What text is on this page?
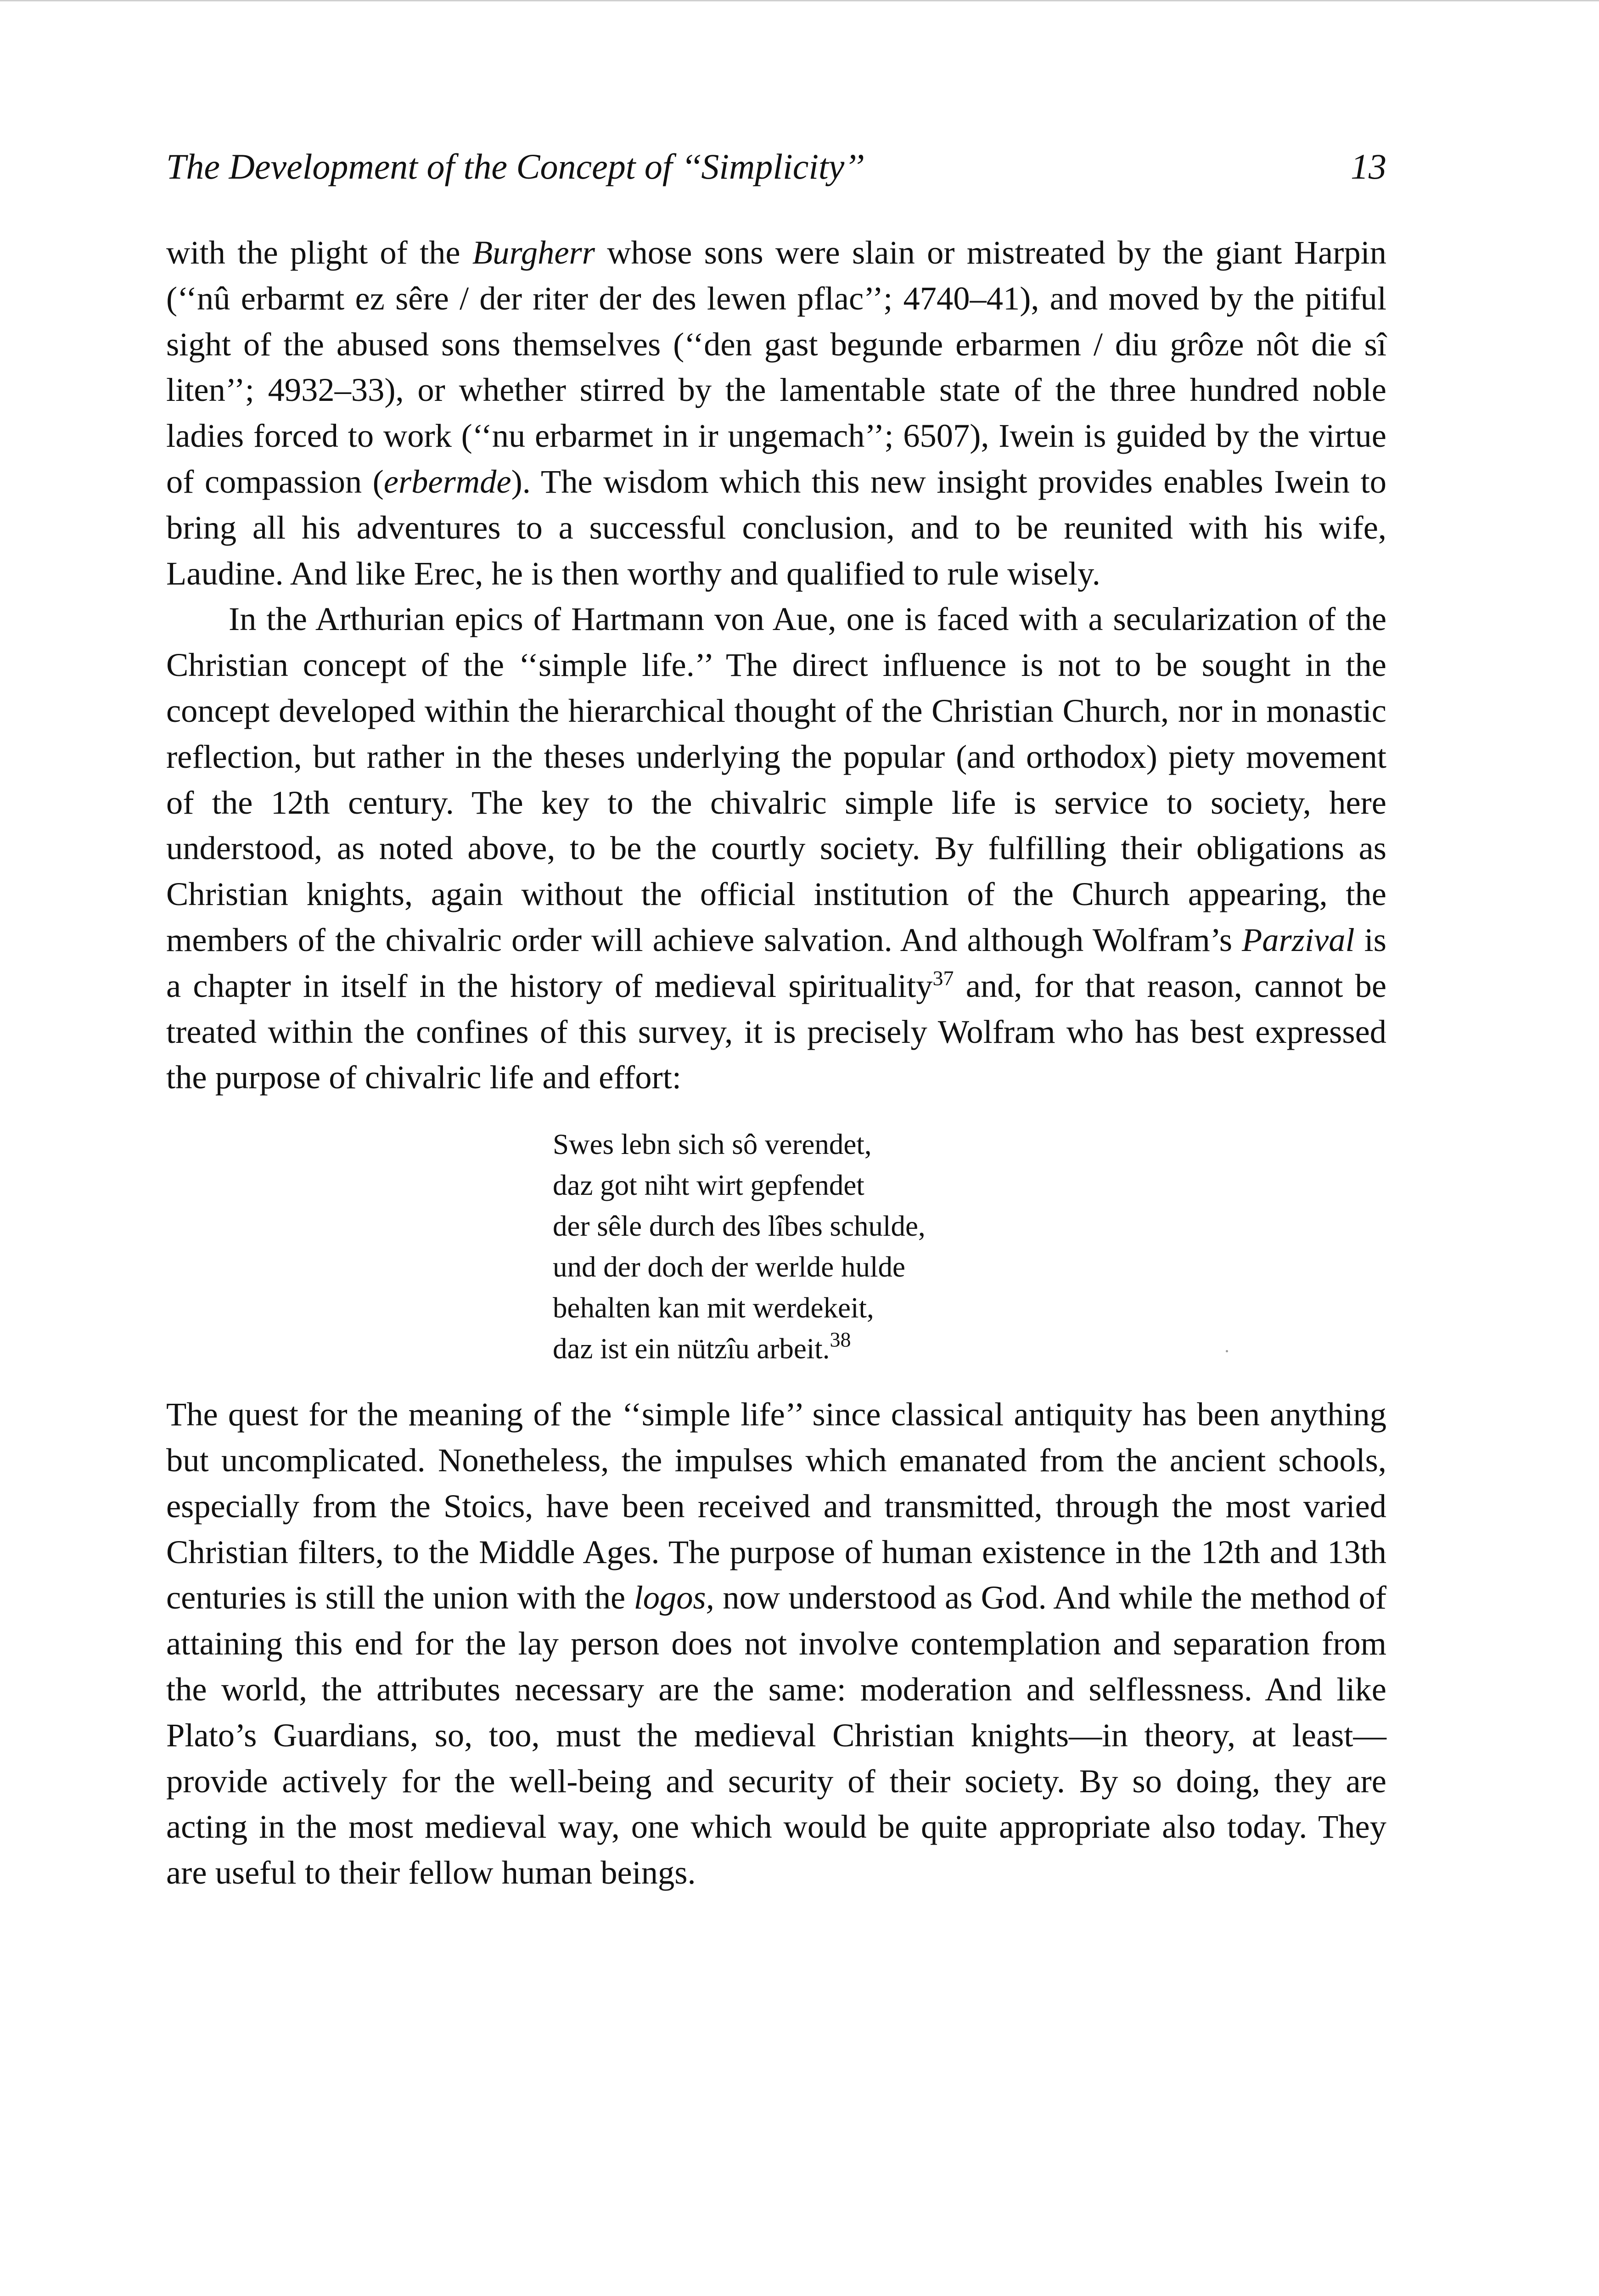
The Development of the Concept of ‘‘Simplicity’’	13

with the plight of the Burgherr whose sons were slain or mistreated by the giant Harpin (‘‘nû erbarmt ez sêre / der riter der des lewen pflac’’; 4740–41), and moved by the pitiful sight of the abused sons themselves (‘‘den gast begunde erbarmen / diu grôze nôt die sî liten’’; 4932–33), or whether stirred by the lamentable state of the three hundred noble ladies forced to work (‘‘nu erbarmet in ir ungemach’’; 6507), Iwein is guided by the virtue of compassion (erbermde). The wisdom which this new insight provides enables Iwein to bring all his adventures to a successful conclusion, and to be reunited with his wife, Laudine. And like Erec, he is then worthy and qualified to rule wisely.

In the Arthurian epics of Hartmann von Aue, one is faced with a secularization of the Christian concept of the ‘‘simple life.’’ The direct influence is not to be sought in the concept developed within the hierarchical thought of the Christian Church, nor in monastic reflection, but rather in the theses underlying the popular (and orthodox) piety movement of the 12th century. The key to the chivalric simple life is service to society, here understood, as noted above, to be the courtly society. By fulfilling their obligations as Christian knights, again without the official institution of the Church appearing, the members of the chivalric order will achieve salvation. And although Wolfram’s Parzival is a chapter in itself in the history of medieval spirituality$^{37}$ and, for that reason, cannot be treated within the confines of this survey, it is precisely Wolfram who has best expressed the purpose of chivalric life and effort:

Swes lebn sich sô verendet,
daz got niht wirt gepfendet
der sêle durch des lîbes schulde,
und der doch der werlde hulde
behalten kan mit werdekeit,
daz ist ein nützîu arbeit.$^{38}$

The quest for the meaning of the ‘‘simple life’’ since classical antiquity has been anything but uncomplicated. Nonetheless, the impulses which emanated from the ancient schools, especially from the Stoics, have been received and transmitted, through the most varied Christian filters, to the Middle Ages. The purpose of human existence in the 12th and 13th centuries is still the union with the logos, now understood as God. And while the method of attaining this end for the lay person does not involve contemplation and separation from the world, the attributes necessary are the same: moderation and selflessness. And like Plato’s Guardians, so, too, must the medieval Christian knights—in theory, at least—provide actively for the well-being and security of their society. By so doing, they are acting in the most medieval way, one which would be quite appropriate also today. They are useful to their fellow human beings.
